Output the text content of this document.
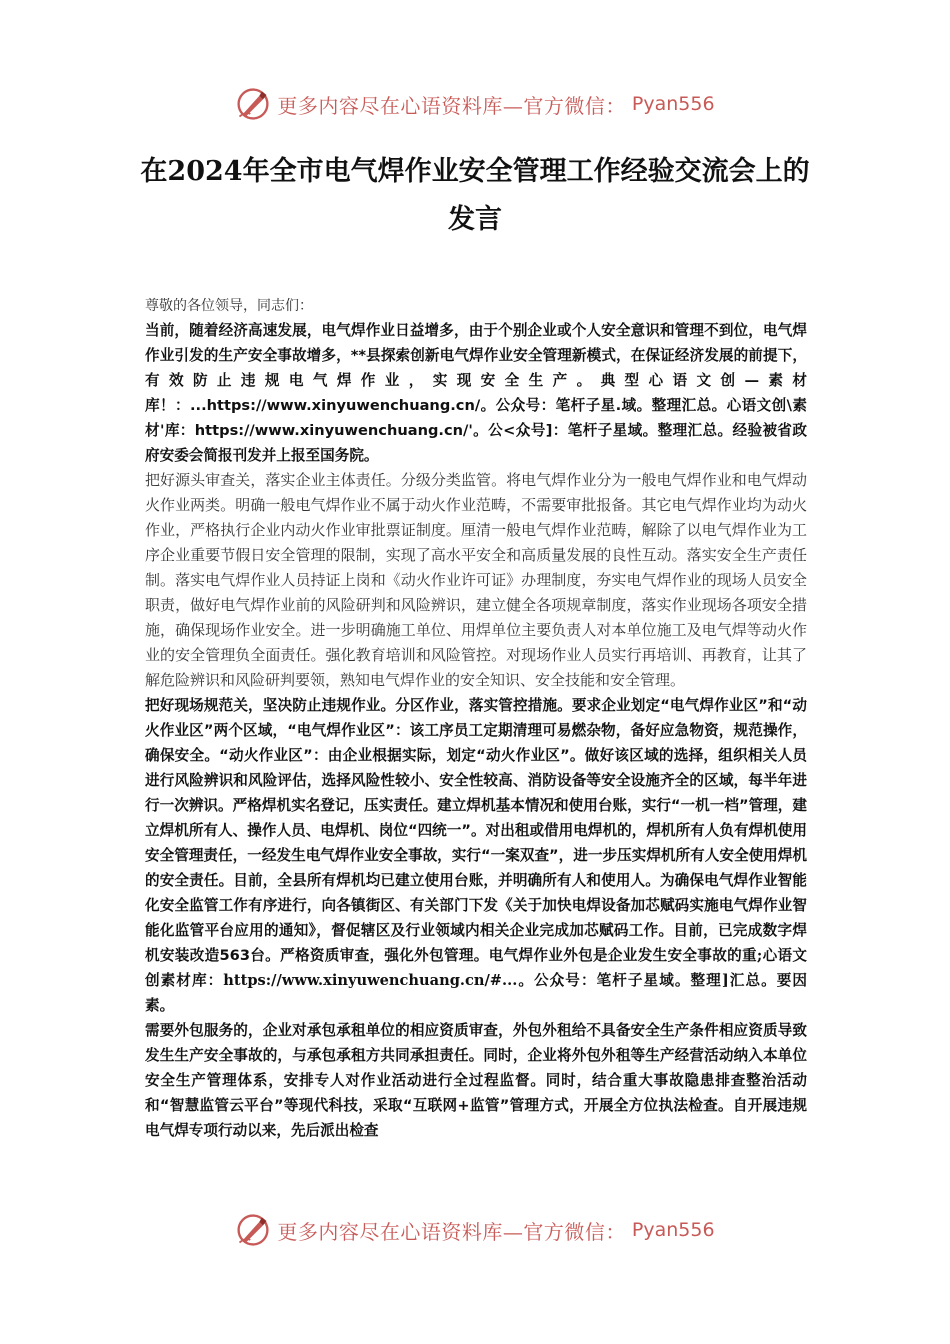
更多内容尽在心语资料库—官方微信： Pyan556
在2024年全市电气焊作业安全管理工作经验交流会上的发言

尊敬的各位领导，同志们：

当前，随着经济高速发展，电气焊作业日益增多，由于个别企业或个人安全意识和管理不到位，电气焊作业引发的生产安全事故增多，**县探索创新电气焊作业安全管理新模式，在保证经济发展的前提下，有效防止违规电气焊作业，实现安全生产。典型心语文创—素材库！：...https://www.xinyuwenchuang.cn/。公众号：笔杆子星.域。整理汇总。心语文创\素材'库：https://www.xinyuwenchuang.cn/'。公<众号]：笔杆子星域。整理汇总。经验被省政府安委会简报刊发并上报至国务院。

把好源头审查关，落实企业主体责任。分级分类监管。将电气焊作业分为一般电气焊作业和电气焊动火作业两类。明确一般电气焊作业不属于动火作业范畴，不需要审批报备。其它电气焊作业均为动火作业，严格执行企业内动火作业审批票证制度。厘清一般电气焊作业范畴，解除了以电气焊作业为工序企业重要节假日安全管理的限制，实现了高水平安全和高质量发展的良性互动。落实安全生产责任制。落实电气焊作业人员持证上岗和《动火作业许可证》办理制度，夯实电气焊作业的现场人员安全职责，做好电气焊作业前的风险研判和风险辨识，建立健全各项规章制度，落实作业现场各项安全措施，确保现场作业安全。进一步明确施工单位、用焊单位主要负责人对本单位施工及电气焊等动火作业的安全管理负全面责任。强化教育培训和风险管控。对现场作业人员实行再培训、再教育，让其了解危险辨识和风险研判要领，熟知电气焊作业的安全知识、安全技能和安全管理。

把好现场规范关，坚决防止违规作业。分区作业，落实管控措施。要求企业划定“电气焊作业区”和“动火作业区”两个区域，“电气焊作业区”：该工序员工定期清理可易燃杂物，备好应急物资，规范操作，确保安全。“动火作业区”：由企业根据实际，划定“动火作业区”。做好该区域的选择，组织相关人员进行风险辨识和风险评估，选择风险性较小、安全性较高、消防设备等安全设施齐全的区域，每半年进行一次辨识。严格焊机实名登记，压实责任。建立焊机基本情况和使用台账，实行“一机一档”管理，建立焊机所有人、操作人员、电焊机、岗位“四统一”。对出租或借用电焊机的，焊机所有人负有焊机使用安全管理责任，一经发生电气焊作业安全事故，实行“一案双查”，进一步压实焊机所有人安全使用焊机的安全责任。目前，全县所有焊机均已建立使用台账，并明确所有人和使用人。为确保电气焊作业智能化安全监管工作有序进行，向各镇街区、有关部门下发《关于加快电焊设备加芯赋码实施电气焊作业智能化监管平台应用的通知》，督促辖区及行业领域内相关企业完成加芯赋码工作。目前，已完成数字焊机安装改造563台。严格资质审查，强化外包管理。电气焊作业外包是企业发生安全事故的重;心语文创素材库：https://www.xinyuwenchuang.cn/#...。公众号：笔杆子星域。整理]汇总。要因素。

需要外包服务的，企业对承包承租单位的相应资质审查，外包外租给不具备安全生产条件相应资质导致发生生产安全事故的，与承包承租方共同承担责任。同时，企业将外包外租等生产经营活动纳入本单位安全生产管理体系，安排专人对作业活动进行全过程监督。同时，结合重大事故隐患排查整治活动和“智慧监管云平台”等现代科技，采取“互联网+监管”管理方式，开展全方位执法检查。自开展违规电气焊专项行动以来，先后派出检查

更多内容尽在心语资料库—官方微信： Pyan556
